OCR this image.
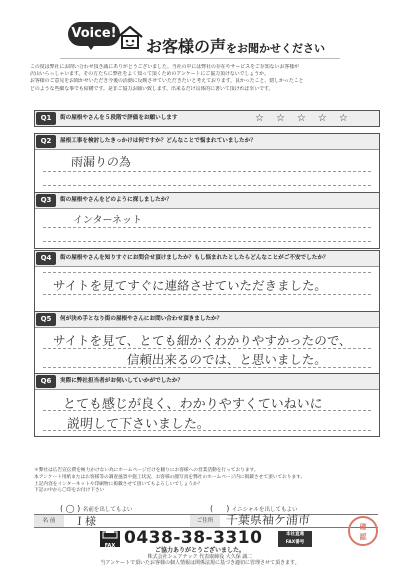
Voice!
お客様の声をお聞かせください
この度は弊社にお問い合わせ頂き誠にありがとうございました。当社の中には弊社の存在やサービスをご存知ないお客様が
沢山いらっしゃいます。その方たちに弊社をよく知って頂くためのアンケートにご協力頂けないでしょうか。
お客様のご意見をお聞かせいただき今後の活動に反映させていただきたいと考えております。良かったこと、嬉しかったこと
どのような些細な事でも結構です。是非ご協力お願い致します。出来るだけ具体的に書いて頂ければ幸いです。
Q1	街の屋根やさんを５段階で評価をお願いします	☆☆☆☆☆
Q2	屋根工事を検討したきっかけは何ですか？どんなことで悩まれていましたか？
雨漏りの為
Q3	街の屋根やさんをどのように探しましたか？
インターネット
Q4	街の屋根やさんを知りすぐにお問合せ頂けましたか？もし悩まれたとしたらどんなことがご不安でしたか？
サイトを見てすぐに連絡させていただきました。
Q5	何が決め手となり街の屋根やさんにお問い合わせ頂きましたか？
サイトを見て、とても細かくわかりやすかったので、
信頼出来るのでは、と思いました。
Q6	実際に弊社担当者がお伺いしていかがでしたか？
とても感じが良く、わかりやすくていねいに
説明して下さいました。
＊弊社は広告宣伝費を極力かけない為にホームページだけを頼りにお客様への営業活動を行っております。
本アンケート用紙またはお客様等の調査風景や施工状況、お客様の顔写真を弊社のホームページ内に掲載させて頂いております。
上記内容をインターネットや印刷物に掲載させて頂いてもよろしいでしょうか？
下記の中から〇印をお付け下さい
( ◯ ) 名前を出してもよい	(  ) イニシャルを出してもよい
名 前	Ｉ様	ご住所	千葉県袖ケ浦市
FAX 0438-38-3310	本社直通
FAX番号
確
認
ご協力ありがとうございました。
株式会社シェアテック 代表取締役 大久保 誠二
当アンケートで頂いたお客様の個人情報は関係法規に基づき適切に管理させて頂きます。
